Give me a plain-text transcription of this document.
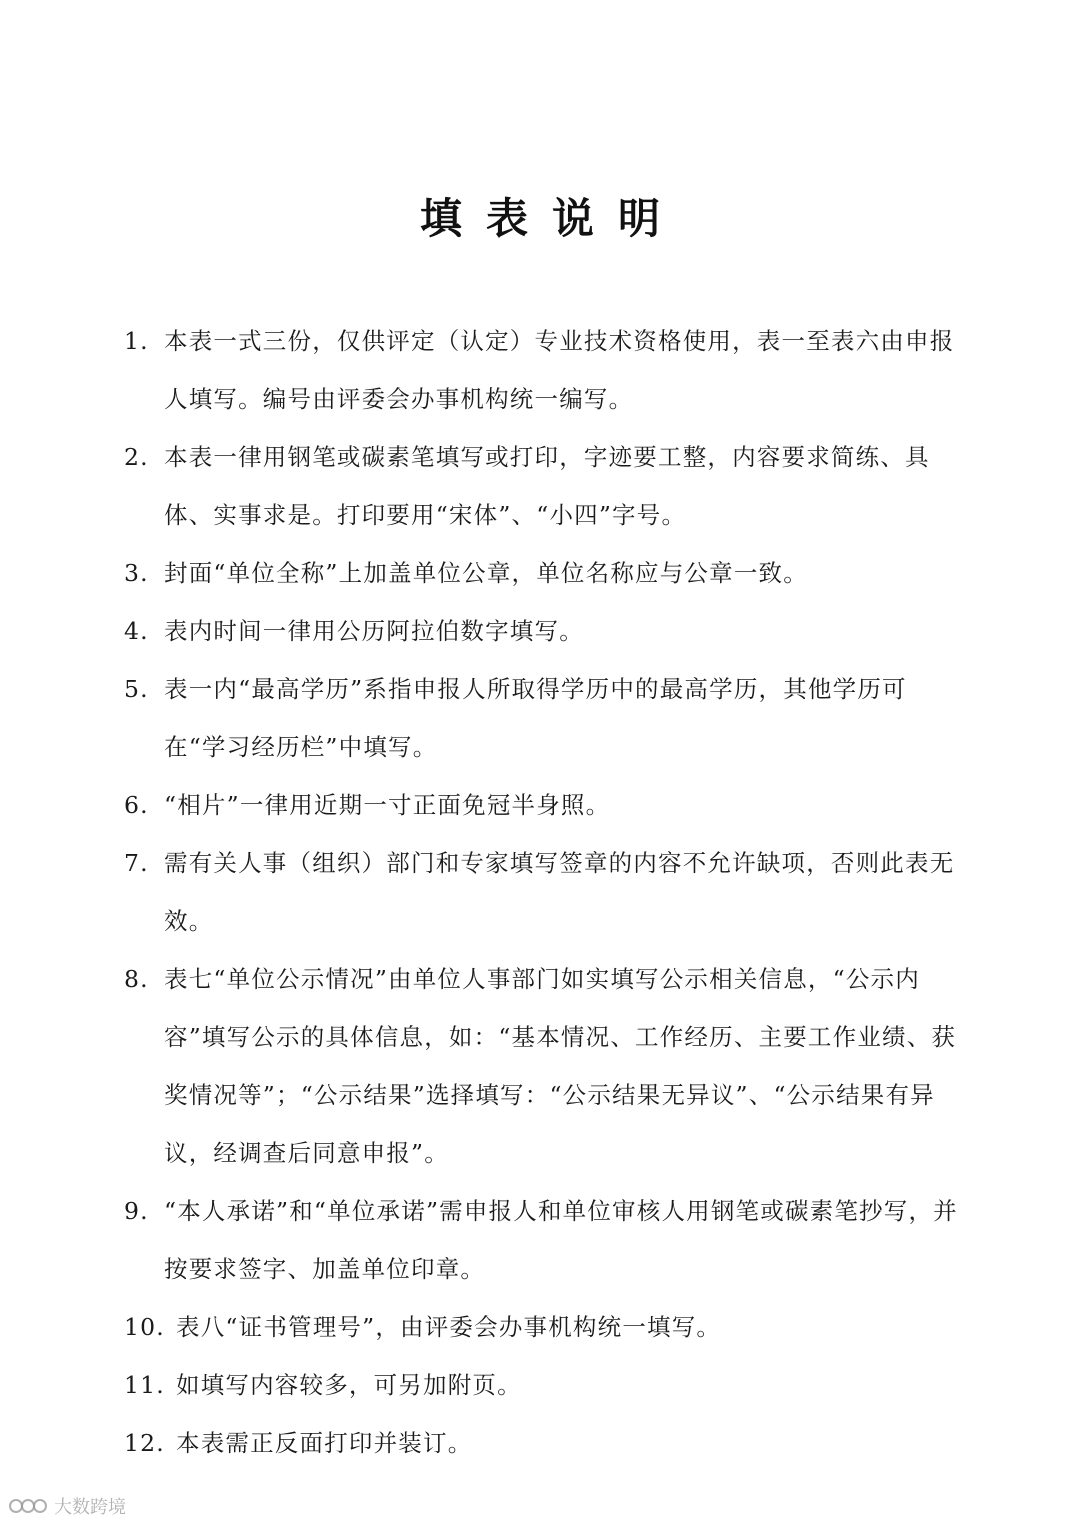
填表说明
1. 本表一式三份，仅供评定（认定）专业技术资格使用，表一至表六由申报人填写。编号由评委会办事机构统一编写。
2. 本表一律用钢笔或碳素笔填写或打印，字迹要工整，内容要求简练、具体、实事求是。打印要用“宋体”、“小四”字号。
3. 封面“单位全称”上加盖单位公章，单位名称应与公章一致。
4. 表内时间一律用公历阿拉伯数字填写。
5. 表一内“最高学历”系指申报人所取得学历中的最高学历，其他学历可在“学习经历栏”中填写。
6. “相片”一律用近期一寸正面免冠半身照。
7. 需有关人事（组织）部门和专家填写签章的内容不允许缺项，否则此表无效。
8. 表七“单位公示情况”由单位人事部门如实填写公示相关信息，“公示内容”填写公示的具体信息，如：“基本情况、工作经历、主要工作业绩、获奖情况等”；“公示结果”选择填写：“公示结果无异议”、“公示结果有异议，经调查后同意申报”。
9. “本人承诺”和“单位承诺”需申报人和单位审核人用钢笔或碳素笔抄写，并按要求签字、加盖单位印章。
10. 表八“证书管理号”，由评委会办事机构统一填写。
11. 如填写内容较多，可另加附页。
12. 本表需正反面打印并装订。
大数跨境
